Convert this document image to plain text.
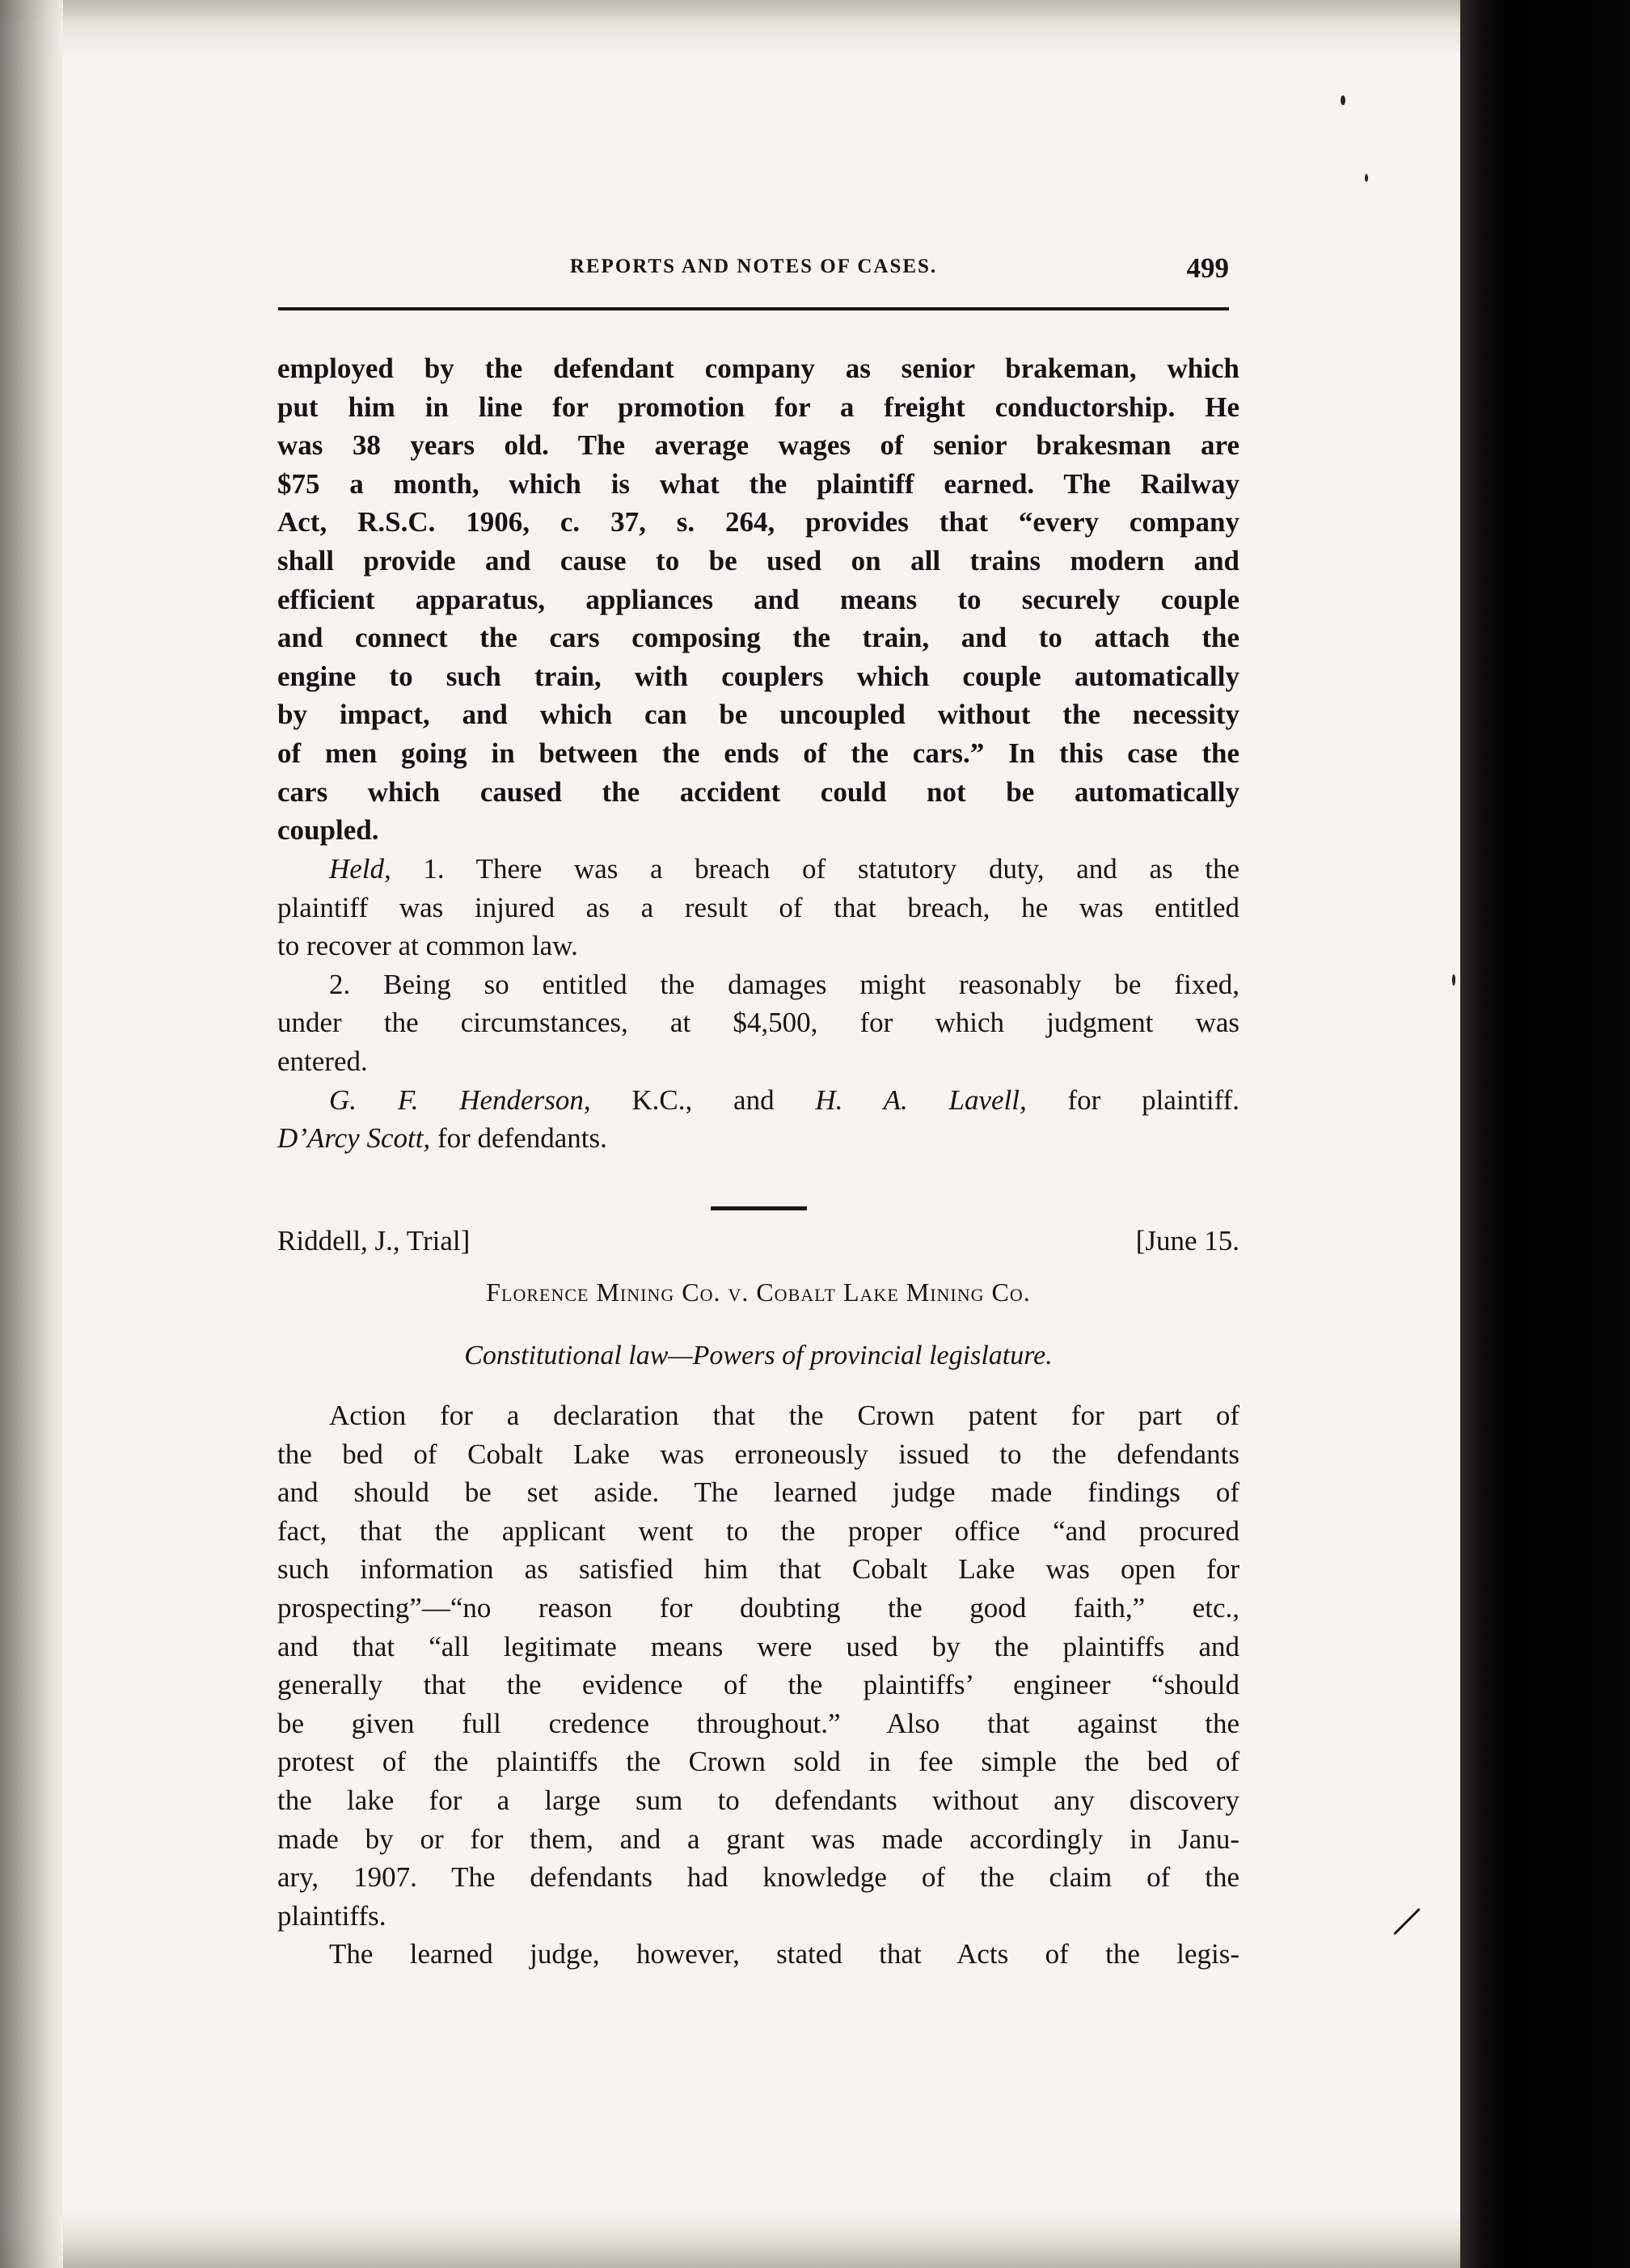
REPORTS AND NOTES OF CASES.	499
employed by the defendant company as senior brakeman, which
put him in line for promotion for a freight conductorship. He
was 38 years old. The average wages of senior brakesman are
$75 a month, which is what the plaintiff earned. The Railway
Act, R.S.C. 1906, c. 37, s. 264, provides that “every company
shall provide and cause to be used on all trains modern and
efficient apparatus, appliances and means to securely couple
and connect the cars composing the train, and to attach the
engine to such train, with couplers which couple automatically
by impact, and which can be uncoupled without the necessity
of men going in between the ends of the cars.” In this case the
cars which caused the accident could not be automatically
coupled.
Held, 1. There was a breach of statutory duty, and as the
plaintiff was injured as a result of that breach, he was entitled
to recover at common law.
2. Being so entitled the damages might reasonably be fixed,
under the circumstances, at $4,500, for which judgment was
entered.
G. F. Henderson, K.C., and H. A. Lavell, for plaintiff.
D’Arcy Scott, for defendants.
Riddell, J., Trial]	[June 15.
Florence Mining Co. v. Cobalt Lake Mining Co.
Constitutional law—Powers of provincial legislature.
Action for a declaration that the Crown patent for part of
the bed of Cobalt Lake was erroneously issued to the defendants
and should be set aside. The learned judge made findings of
fact, that the applicant went to the proper office “and procured
such information as satisfied him that Cobalt Lake was open for
prospecting”—“no reason for doubting the good faith,” etc.,
and that “all legitimate means were used by the plaintiffs and
generally that the evidence of the plaintiffs’ engineer “should
be given full credence throughout.” Also that against the
protest of the plaintiffs the Crown sold in fee simple the bed of
the lake for a large sum to defendants without any discovery
made by or for them, and a grant was made accordingly in Janu-
ary, 1907. The defendants had knowledge of the claim of the
plaintiffs.
The learned judge, however, stated that Acts of the legis-
